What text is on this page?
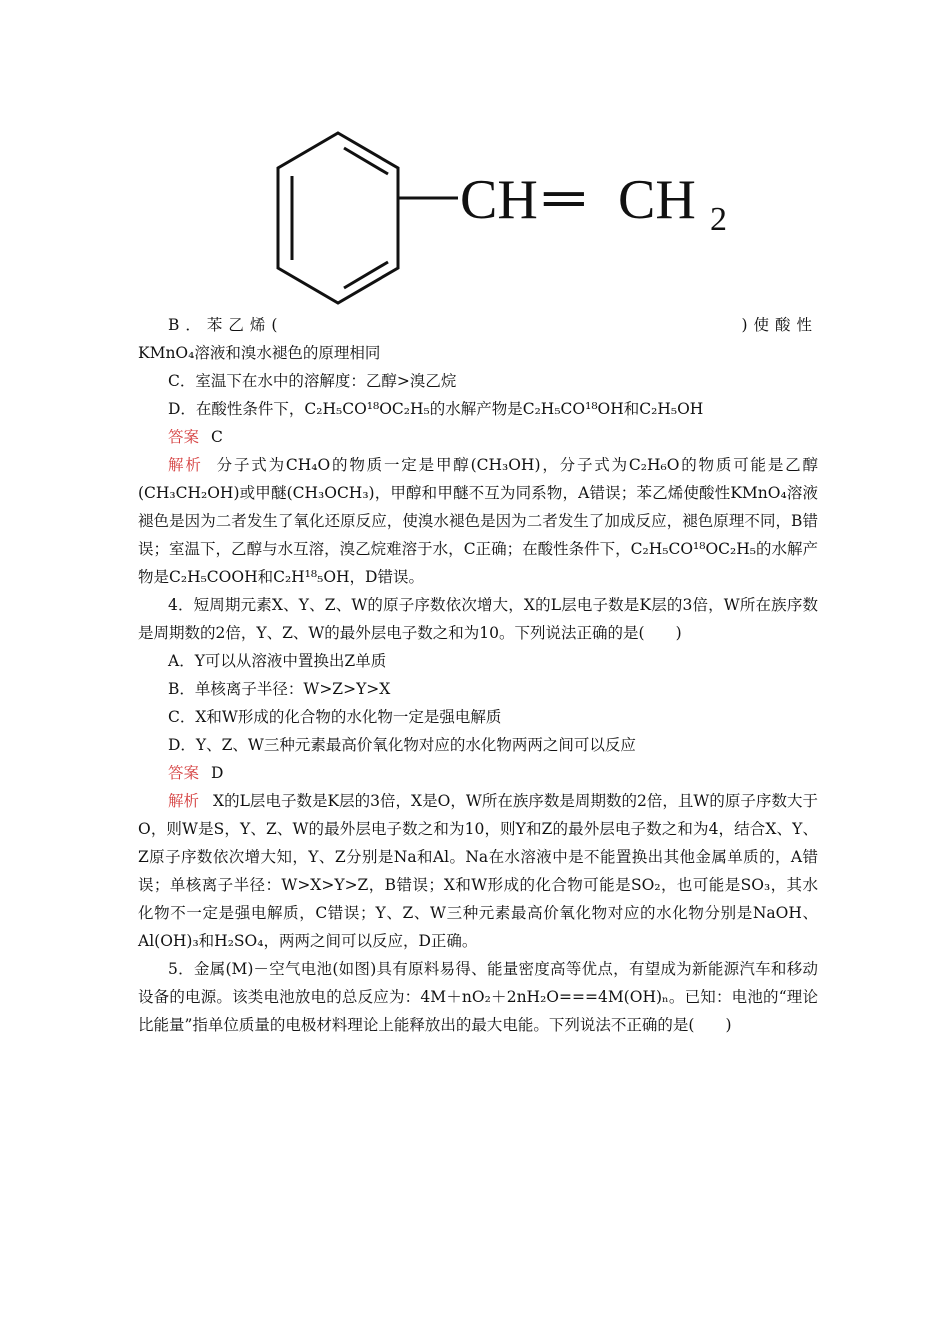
CH ═ CH 2
B．苯乙烯(	)使酸性
KMnO₄溶液和溴水褪色的原理相同
C．室温下在水中的溶解度：乙醇>溴乙烷
D．在酸性条件下，C₂H₅CO¹⁸OC₂H₅的水解产物是C₂H₅CO¹⁸OH和C₂H₅OH
答案 C
解析 分子式为CH₄O的物质一定是甲醇(CH₃OH)，分子式为C₂H₆O的物质可能是乙醇(CH₃CH₂OH)或甲醚(CH₃OCH₃)，甲醇和甲醚不互为同系物，A错误；苯乙烯使酸性KMnO₄溶液褪色是因为二者发生了氧化还原反应，使溴水褪色是因为二者发生了加成反应，褪色原理不同，B错误；室温下，乙醇与水互溶，溴乙烷难溶于水，C正确；在酸性条件下，C₂H₅CO¹⁸OC₂H₅的水解产物是C₂H₅COOH和C₂H¹⁸₅OH，D错误。
4．短周期元素X、Y、Z、W的原子序数依次增大，X的L层电子数是K层的3倍，W所在族序数是周期数的2倍，Y、Z、W的最外层电子数之和为10。下列说法正确的是(　　)
A．Y可以从溶液中置换出Z单质
B．单核离子半径：W>Z>Y>X
C．X和W形成的化合物的水化物一定是强电解质
D．Y、Z、W三种元素最高价氧化物对应的水化物两两之间可以反应
答案 D
解析 X的L层电子数是K层的3倍，X是O，W所在族序数是周期数的2倍，且W的原子序数大于O，则W是S，Y、Z、W的最外层电子数之和为10，则Y和Z的最外层电子数之和为4，结合X、Y、Z原子序数依次增大知，Y、Z分别是Na和Al。Na在水溶液中是不能置换出其他金属单质的，A错误；单核离子半径：W>X>Y>Z，B错误；X和W形成的化合物可能是SO₂，也可能是SO₃，其水化物不一定是强电解质，C错误；Y、Z、W三种元素最高价氧化物对应的水化物分别是NaOH、Al(OH)₃和H₂SO₄，两两之间可以反应，D正确。
5．金属(M)－空气电池(如图)具有原料易得、能量密度高等优点，有望成为新能源汽车和移动设备的电源。该类电池放电的总反应为：4M＋nO₂＋2nH₂O===4M(OH)ₙ。已知：电池的“理论比能量”指单位质量的电极材料理论上能释放出的最大电能。下列说法不正确的是(　　)
